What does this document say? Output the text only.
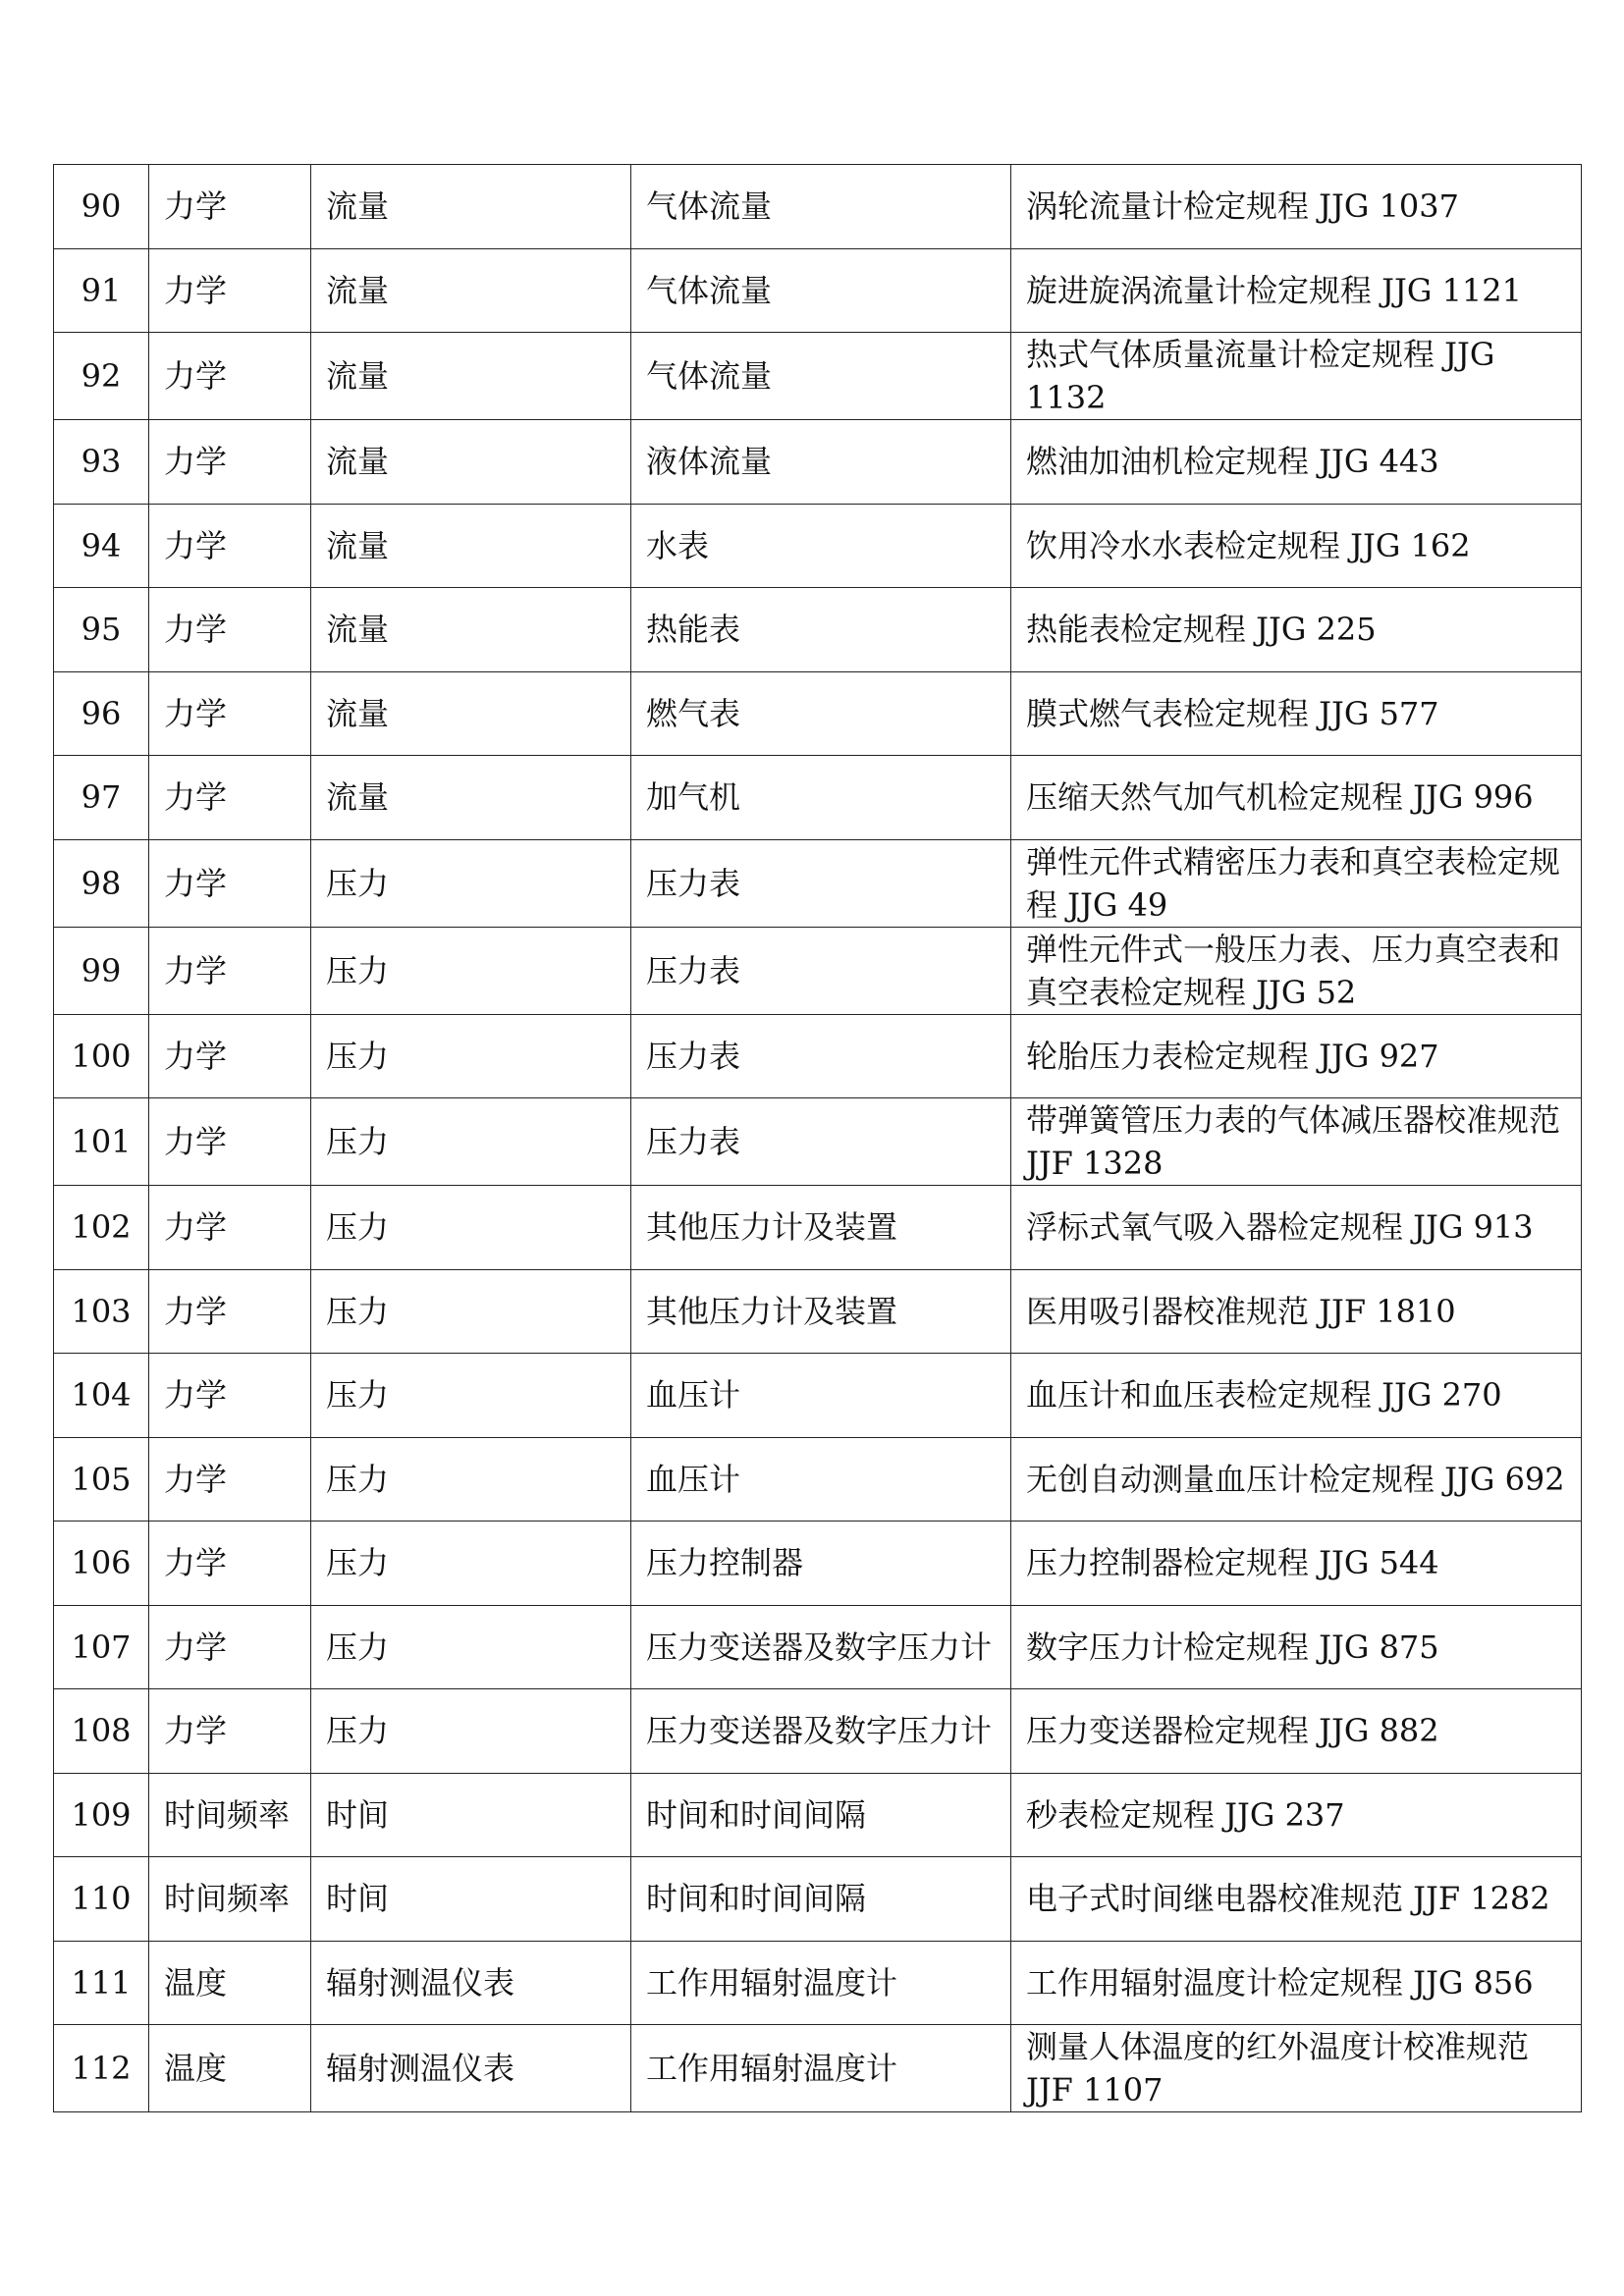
90	力学	流量	气体流量	涡轮流量计检定规程 JJG 1037
91	力学	流量	气体流量	旋进旋涡流量计检定规程 JJG 1121
92	力学	流量	气体流量	热式气体质量流量计检定规程 JJG 1132
93	力学	流量	液体流量	燃油加油机检定规程 JJG 443
94	力学	流量	水表	饮用冷水水表检定规程 JJG 162
95	力学	流量	热能表	热能表检定规程 JJG 225
96	力学	流量	燃气表	膜式燃气表检定规程 JJG 577
97	力学	流量	加气机	压缩天然气加气机检定规程 JJG 996
98	力学	压力	压力表	弹性元件式精密压力表和真空表检定规程 JJG 49
99	力学	压力	压力表	弹性元件式一般压力表、压力真空表和真空表检定规程 JJG 52
100	力学	压力	压力表	轮胎压力表检定规程 JJG 927
101	力学	压力	压力表	带弹簧管压力表的气体减压器校准规范 JJF 1328
102	力学	压力	其他压力计及装置	浮标式氧气吸入器检定规程 JJG 913
103	力学	压力	其他压力计及装置	医用吸引器校准规范 JJF 1810
104	力学	压力	血压计	血压计和血压表检定规程 JJG 270
105	力学	压力	血压计	无创自动测量血压计检定规程 JJG 692
106	力学	压力	压力控制器	压力控制器检定规程 JJG 544
107	力学	压力	压力变送器及数字压力计	数字压力计检定规程 JJG 875
108	力学	压力	压力变送器及数字压力计	压力变送器检定规程 JJG 882
109	时间频率	时间	时间和时间间隔	秒表检定规程 JJG 237
110	时间频率	时间	时间和时间间隔	电子式时间继电器校准规范 JJF 1282
111	温度	辐射测温仪表	工作用辐射温度计	工作用辐射温度计检定规程 JJG 856
112	温度	辐射测温仪表	工作用辐射温度计	测量人体温度的红外温度计校准规范 JJF 1107
